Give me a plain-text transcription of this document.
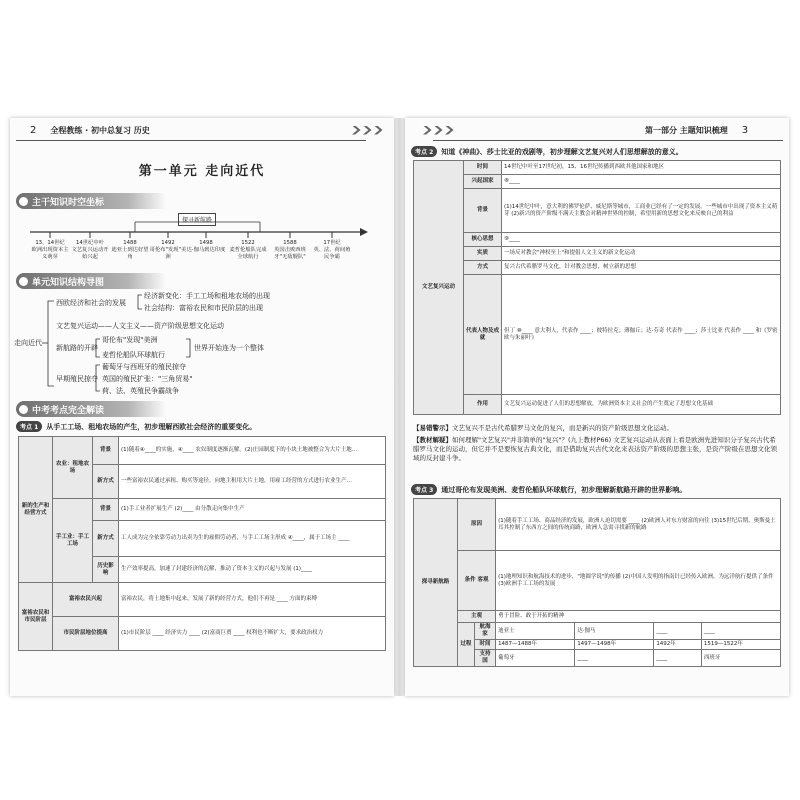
2 全程教练 · 初中总复习 历史
第一单元 走向近代
主干知识时空坐标
探寻新航路
13、14世纪
欧洲出现资本主义萌芽
14世纪中叶
文艺复兴运动开始兴起
1488
迪亚士到达好望角
1492
哥伦布"发现"美洲
1498
达·伽马到达印度
1522
麦哲伦船队完成全球航行
1588
英国击败西班牙"无敌舰队"
17世纪
英、法、荷间殖民争霸
单元知识结构导图
走向近代
西欧经济和社会的发展
经济新变化：手工工场和租地农场的出现
社会结构：富裕农民和市民阶层的出现
文艺复兴运动——人文主义——资产阶级思想文化运动
新航路的开辟
哥伦布"发现"美洲
麦哲伦船队环球航行
世界开始连为一个整体
早期殖民掠夺
葡萄牙与西班牙的殖民掠夺
英国的殖民扩张："三角贸易"
荷、法、英殖民争霸战争
中考考点完全解读
考点 1	从手工工场、租地农场的产生，初步理解西欧社会经济的重要变化。
新的生产和经营方式	农业：租地农场	背景	(1)随着④____的实施，④____ 农奴制度逐渐瓦解。(2)庄园制度下的小块土地被整合为大片土地…
		新方式	一些富裕农民通过承租、购买等途径，向地主租用大片土地，用雇工经营的方式进行农业生产…
	手工业：手工工场	背景	(1)手工业者扩展生产 (2)____ 由分散走向集中生产
		新方式	工人成为完全依靠劳动力出卖为生的雇佣劳动者，与手工工场主形成 ④____，属于工场主 ____
		历史影响	生产效率提高，加速了封建经济的瓦解，推动了资本主义的兴起与发展 (1)____
富裕农民和市民阶层	富裕农民兴起		富裕农民，将土地集中起来，发展了新的经营方式，他们不再是 ____ 方面的束缚
	市民阶层地位提高		(1)市民阶层 ____ 经济实力 ____ (2)富商巨贾 ____ 权利也不断扩大，要求政治权力
第一部分 主题知识梳理 3
考点 2	知道《神曲》、莎士比亚的戏剧等，初步理解文艺复兴对人们思想解放的意义。
文艺复兴运动	时间	14世纪中叶至17世纪初，15、16世纪传播到西欧其他国家和地区
	兴起国家	⑧____
	背景	(1)14世纪中叶，意大利的佛罗伦萨、威尼斯等城市，工商业已经有了一定的发展。一些城市中出现了资本主义萌芽 (2)新兴的资产阶级不满天主教会对精神世界的控制，希望用新的思想文化来反映自己的利益
	核心思想	⑨____
	实质	一场反对教会"神权至上"和提倡人文主义的新文化运动
	方式	复兴古代希腊罗马文化，针对教会思想，树立新的思想
	代表人物及成就	但丁 ⑩____ 意大利人，代表作 ____；彼特拉克；薄伽丘；达·芬奇 代表作 ____；莎士比亚 代表作 ____ 和《罗密欧与朱丽叶》
	作用	文艺复兴运动促进了人们的思想解放，为欧洲资本主义社会的产生奠定了思想文化基础
【易错警示】文艺复兴不是古代希腊罗马文化的复兴，而是新兴的资产阶级思想文化运动。
【教材解疑】如何理解"文艺复兴"并非简单的"复兴"？(九上教材P66) 文艺复兴运动从表面上看是欧洲先进知识分子复兴古代希腊罗马文化的运动，但它并不是要恢复古典文化，而是借助复兴古代文化来表达资产阶级的思想主张，是资产阶级在思想文化领域的反封建斗争。
考点 3	通过哥伦布发现美洲、麦哲伦船队环球航行，初步理解新航路开辟的世界影响。
探寻新航路	原因		(1)随着手工工场、商品经济的发展，欧洲人迫切需要 ____ (2)欧洲人对东方财富的向往 (3)15世纪后期，奥斯曼土耳其控制了东西方之间的传统商路，欧洲人急需寻找新的航路			
	条件 客观		(1)地理知识和航海技术的进步，"地圆学说"的传播 (2)中国人发明的指南针已经传入欧洲，为远洋航行提供了条件 (3)欧洲手工工场的发展			
	主观		勇于冒险、敢于开拓的精神			
	过程	航海家	迪亚士	达·伽马	____	____
		时间	1487—1488年	1497—1498年	1492年	1519—1522年
		支持国	葡萄牙	____	____	西班牙
